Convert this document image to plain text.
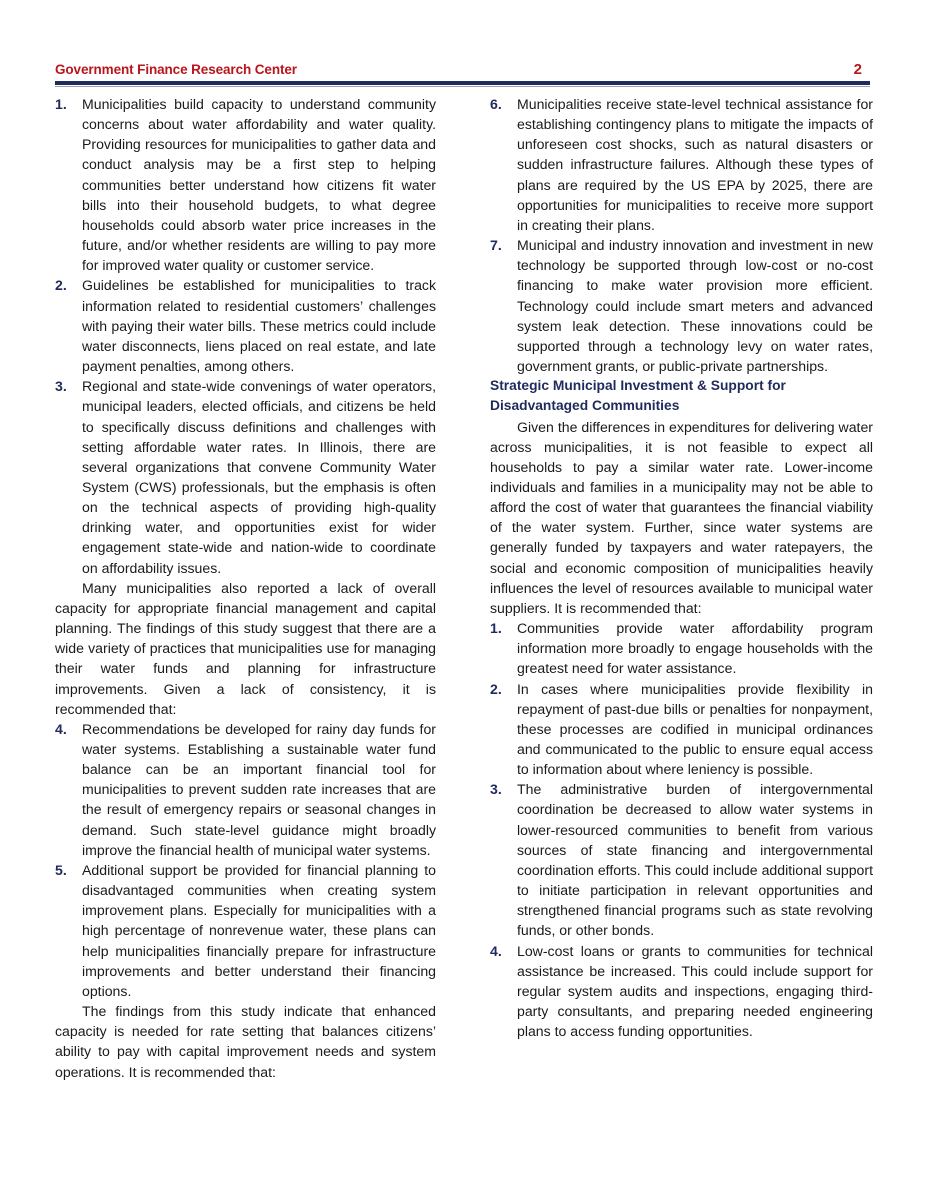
Government Finance Research Center	2
1. Municipalities build capacity to understand community concerns about water affordability and water quality. Providing resources for municipalities to gather data and conduct analysis may be a first step to helping communities better understand how citizens fit water bills into their household budgets, to what degree households could absorb water price increases in the future, and/or whether residents are willing to pay more for improved water quality or customer service.
2. Guidelines be established for municipalities to track information related to residential customers’ challenges with paying their water bills. These metrics could include water disconnects, liens placed on real estate, and late payment penalties, among others.
3. Regional and state-wide convenings of water operators, municipal leaders, elected officials, and citizens be held to specifically discuss definitions and challenges with setting affordable water rates. In Illinois, there are several organizations that convene Community Water System (CWS) professionals, but the emphasis is often on the technical aspects of providing high-quality drinking water, and opportunities exist for wider engagement state-wide and nation-wide to coordinate on affordability issues.

Many municipalities also reported a lack of overall capacity for appropriate financial management and capital planning. The findings of this study suggest that there are a wide variety of practices that municipalities use for managing their water funds and planning for infrastructure improvements. Given a lack of consistency, it is recommended that:

4. Recommendations be developed for rainy day funds for water systems. Establishing a sustainable water fund balance can be an important financial tool for municipalities to prevent sudden rate increases that are the result of emergency repairs or seasonal changes in demand. Such state-level guidance might broadly improve the financial health of municipal water systems.
5. Additional support be provided for financial planning to disadvantaged communities when creating system improvement plans. Especially for municipalities with a high percentage of nonrevenue water, these plans can help municipalities financially prepare for infrastructure improvements and better understand their financing options.

The findings from this study indicate that enhanced capacity is needed for rate setting that balances citizens’ ability to pay with capital improvement needs and system operations. It is recommended that:

6. Municipalities receive state-level technical assistance for establishing contingency plans to mitigate the impacts of unforeseen cost shocks, such as natural disasters or sudden infrastructure failures. Although these types of plans are required by the US EPA by 2025, there are opportunities for municipalities to receive more support in creating their plans.
7. Municipal and industry innovation and investment in new technology be supported through low-cost or no-cost financing to make water provision more efficient. Technology could include smart meters and advanced system leak detection. These innovations could be supported through a technology levy on water rates, government grants, or public-private partnerships.
Strategic Municipal Investment & Support for Disadvantaged Communities

Given the differences in expenditures for delivering water across municipalities, it is not feasible to expect all households to pay a similar water rate. Lower-income individuals and families in a municipality may not be able to afford the cost of water that guarantees the financial viability of the water system. Further, since water systems are generally funded by taxpayers and water ratepayers, the social and economic composition of municipalities heavily influences the level of resources available to municipal water suppliers. It is recommended that:

1. Communities provide water affordability program information more broadly to engage households with the greatest need for water assistance.
2. In cases where municipalities provide flexibility in repayment of past-due bills or penalties for nonpayment, these processes are codified in municipal ordinances and communicated to the public to ensure equal access to information about where leniency is possible.
3. The administrative burden of intergovernmental coordination be decreased to allow water systems in lower-resourced communities to benefit from various sources of state financing and intergovernmental coordination efforts. This could include additional support to initiate participation in relevant opportunities and strengthened financial programs such as state revolving funds, or other bonds.
4. Low-cost loans or grants to communities for technical assistance be increased. This could include support for regular system audits and inspections, engaging third-party consultants, and preparing needed engineering plans to access funding opportunities.
